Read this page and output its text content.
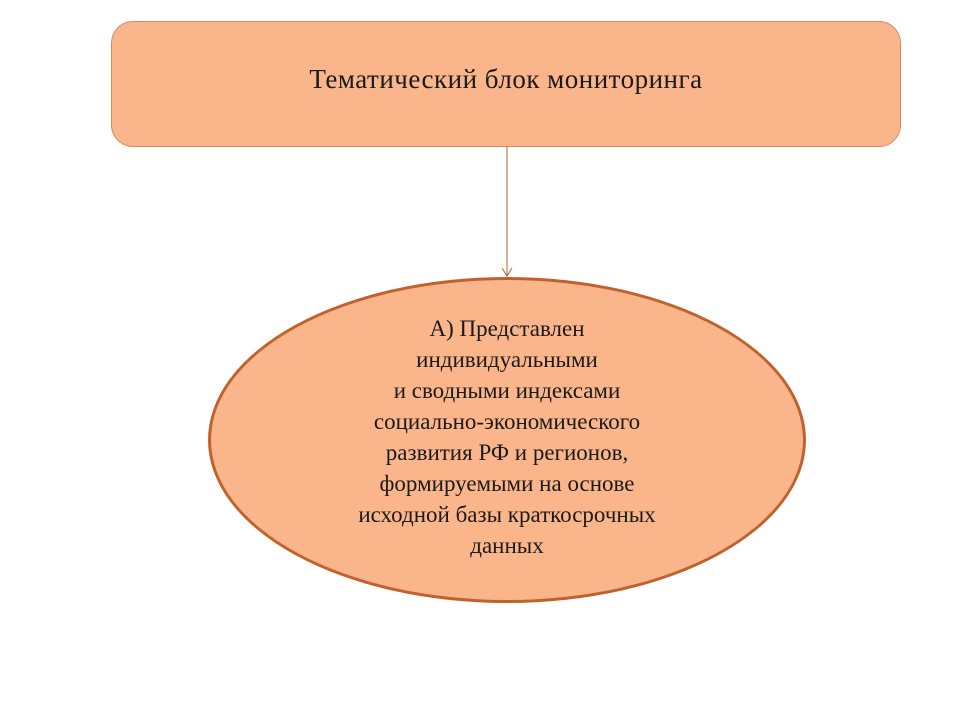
Тематический блок мониторинга
А) Представлен
индивидуальными
и сводными индексами
социально-экономического
развития РФ и регионов,
формируемыми на основе
исходной базы краткосрочных
данных
